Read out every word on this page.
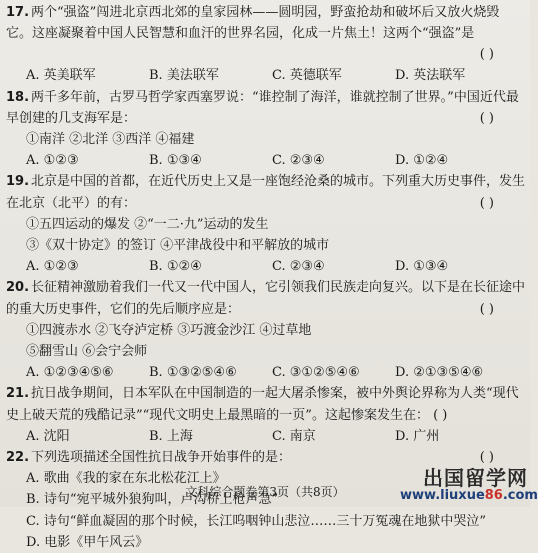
17. 两个“强盗”闯进北京西北郊的皇家园林——圆明园，野蛮抢劫和破坏后又放火烧毁
它。这座凝聚着中国人民智慧和血汗的世界名园，化成一片焦土！这两个“强盗”是
( )
A. 英美联军	B. 美法联军	C. 英德联军	D. 英法联军
18. 两千多年前，古罗马哲学家西塞罗说：“谁控制了海洋，谁就控制了世界。”中国近代最
早创建的几支海军是：	( )
①南洋 ②北洋 ③西洋 ④福建
A. ①②③	B. ①③④	C. ②③④	D. ①②④
19. 北京是中国的首都，在近代历史上又是一座饱经沧桑的城市。下列重大历史事件，发生
在北京（北平）的有：	( )
①五四运动的爆发 ②“一二·九”运动的发生
③《双十协定》的签订 ④平津战役中和平解放的城市
A. ①②③	B. ①②④	C. ②③④	D. ①③④
20. 长征精神激励着我们一代又一代中国人，它引领我们民族走向复兴。以下是在长征途中
的重大历史事件，它们的先后顺序应是：	( )
①四渡赤水 ②飞夺泸定桥 ③巧渡金沙江 ④过草地
⑤翻雪山 ⑥会宁会师
A. ①②③④⑤⑥	B. ①③②⑤④⑥	C. ③①②⑤④⑥	D. ②①③⑤④⑥
21. 抗日战争期间，日本军队在中国制造的一起大屠杀惨案，被中外舆论界称为人类“现代
史上破天荒的残酷记录”“现代文明史上最黑暗的一页”。这起惨案发生在： ( )
A. 沈阳	B. 上海	C. 南京	D. 广州
22. 下列选项描述全国性抗日战争开始事件的是：	( )
A. 歌曲《我的家在东北松花江上》
B. 诗句“宛平城外狼狗叫，卢沟桥上枪声急”
C. 诗句“鲜血凝固的那个时候，长江呜咽钟山悲泣……三十万冤魂在地狱中哭泣”
D. 电影《甲午风云》
文科综合题卷第3页（共8页）
出国留学网
www.liuxue86.com
